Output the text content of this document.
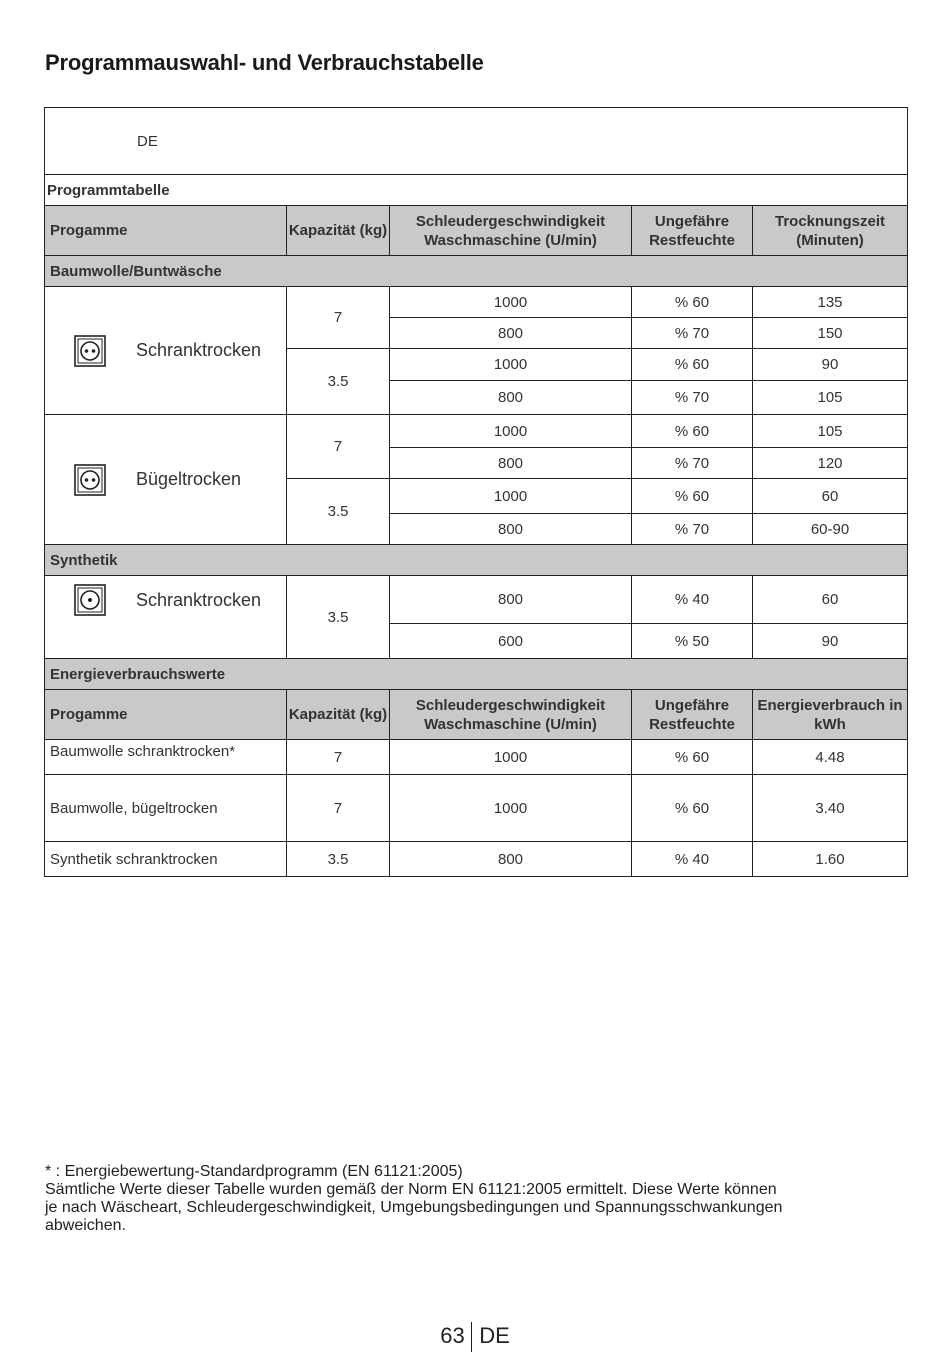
Programmauswahl- und Verbrauchstabelle
DE				
Programmtabelle				
Progamme	Kapazität (kg)	Schleudergeschwindigkeit Waschmaschine (U/min)	Ungefähre Restfeuchte	Trocknungszeit (Minuten)
Baumwolle/Buntwäsche				

Schranktrocken	7	1000	% 60	135
		800	% 70	150
	3.5	1000	% 60	90
		800	% 70	105

Bügeltrocken	7	1000	% 60	105
		800	% 70	120
	3.5	1000	% 60	60
		800	% 70	60-90
Synthetik				

Schranktrocken	3.5	800	% 40	60
		600	% 50	90
Energieverbrauchswerte				
Progamme	Kapazität (kg)	Schleudergeschwindigkeit Waschmaschine (U/min)	Ungefähre Restfeuchte	Energieverbrauch in kWh
Baumwolle schranktrocken*	7	1000	% 60	4.48
Baumwolle, bügeltrocken	7	1000	% 60	3.40
Synthetik schranktrocken	3.5	800	% 40	1.60
* : Energiebewertung-Standardprogramm (EN 61121:2005)
Sämtliche Werte dieser Tabelle wurden gemäß der Norm EN 61121:2005 ermittelt. Diese Werte können
je nach Wäscheart, Schleudergeschwindigkeit, Umgebungsbedingungen und Spannungsschwankungen
abweichen.
63 DE
